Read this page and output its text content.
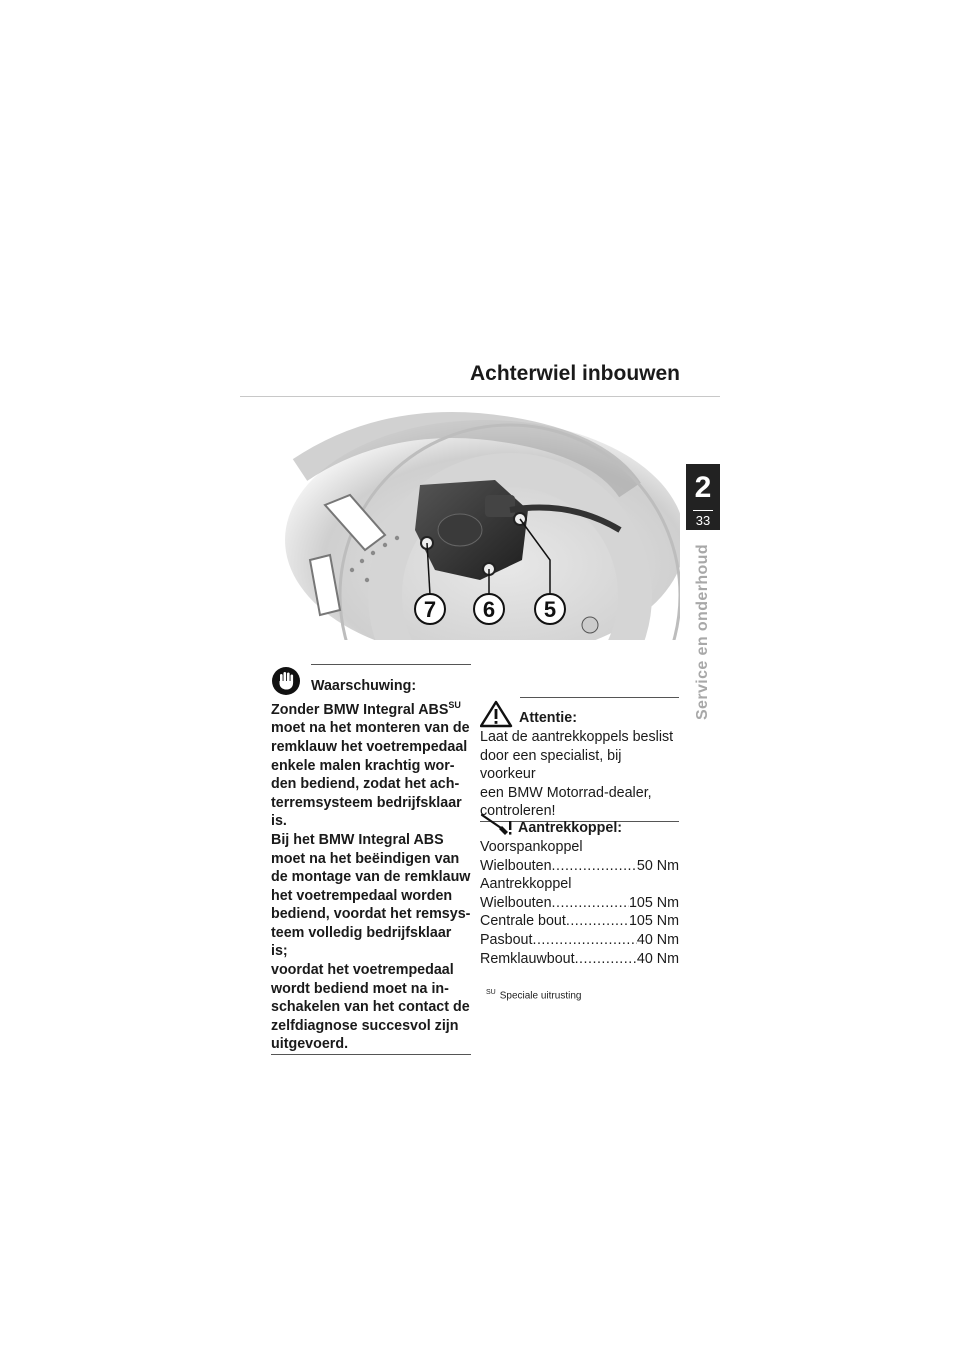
Achterwiel inbouwen
2
33
Service en onderhoud
7 6 5
Waarschuwing:

Zonder BMW Integral $ABS^{SU}$
moet na het monteren van de
remklauw het voetrempedaal
enkele malen krachtig wor-
den bediend, zodat het ach-
terremsysteem bedrijfsklaar
is.
Bij het BMW Integral ABS
moet na het beëindigen van
de montage van de remklauw
het voetrempedaal worden
bediend, voordat het remsys-
teem volledig bedrijfsklaar is;
voordat het voetrempedaal
wordt bediend moet na in-
schakelen van het contact de
zelfdiagnose succesvol zijn
uitgevoerd.

Attentie:

Laat de aantrekkoppels beslist
door een specialist, bij voorkeur
een BMW Motorrad-dealer,
controleren!

Aantrekkoppel:
Voorspankoppel
Wielbouten .....	50 Nm
Aantrekkoppel
Wielbouten .....	105 Nm
Centrale bout .....	105 Nm
Pasbout .....	40 Nm
Remklauwbout .....	40 Nm
$^{SU}$ Speciale uitrusting
